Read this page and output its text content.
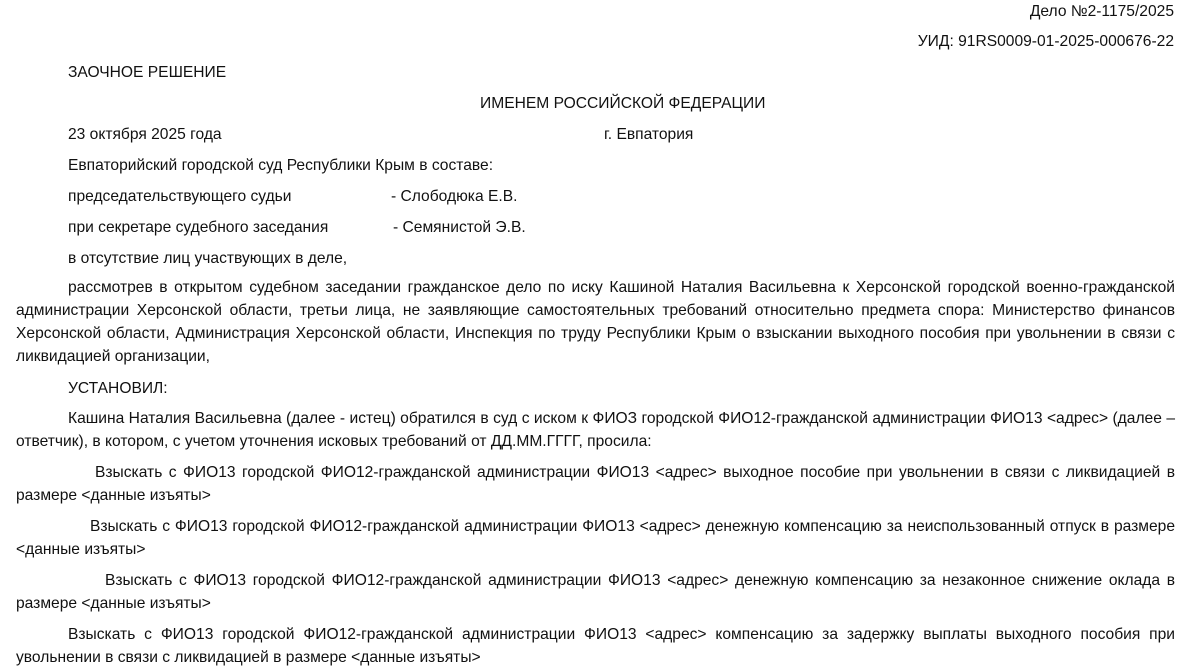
Дело №2-1175/2025

УИД: 91RS0009-01-2025-000676-22

ЗАОЧНОЕ РЕШЕНИЕ

ИМЕНЕМ РОССИЙСКОЙ ФЕДЕРАЦИИ

23 октября 2025 года	г. Евпатория

Евпаторийский городской суд Республики Крым в составе:

председательствующего судьи	- Слободюка Е.В.

при секретаре судебного заседания	- Семянистой Э.В.

в отсутствие лиц участвующих в деле,

рассмотрев в открытом судебном заседании гражданское дело по иску Кашиной Наталия Васильевна к Херсонской городской военно-гражданской администрации Херсонской области, третьи лица, не заявляющие самостоятельных требований относительно предмета спора: Министерство финансов Херсонской области, Администрация Херсонской области, Инспекция по труду Республики Крым о взыскании выходного пособия при увольнении в связи с ликвидацией организации,

УСТАНОВИЛ:

Кашина Наталия Васильевна (далее - истец) обратился в суд с иском к ФИОЗ городской ФИО12-гражданской администрации ФИО13 <адрес> (далее – ответчик), в котором, с учетом уточнения исковых требований от ДД.ММ.ГГГГ, просила:

Взыскать с ФИО13 городской ФИО12-гражданской администрации ФИО13 <адрес> выходное пособие при увольнении в связи с ликвидацией в размере <данные изъяты>

Взыскать с ФИО13 городской ФИО12-гражданской администрации ФИО13 <адрес> денежную компенсацию за неиспользованный отпуск в размере <данные изъяты>

Взыскать с ФИО13 городской ФИО12-гражданской администрации ФИО13 <адрес> денежную компенсацию за незаконное снижение оклада в размере <данные изъяты>

Взыскать с ФИО13 городской ФИО12-гражданской администрации ФИО13 <адрес> компенсацию за задержку выплаты выходного пособия при увольнении в связи с ликвидацией в размере <данные изъяты>
